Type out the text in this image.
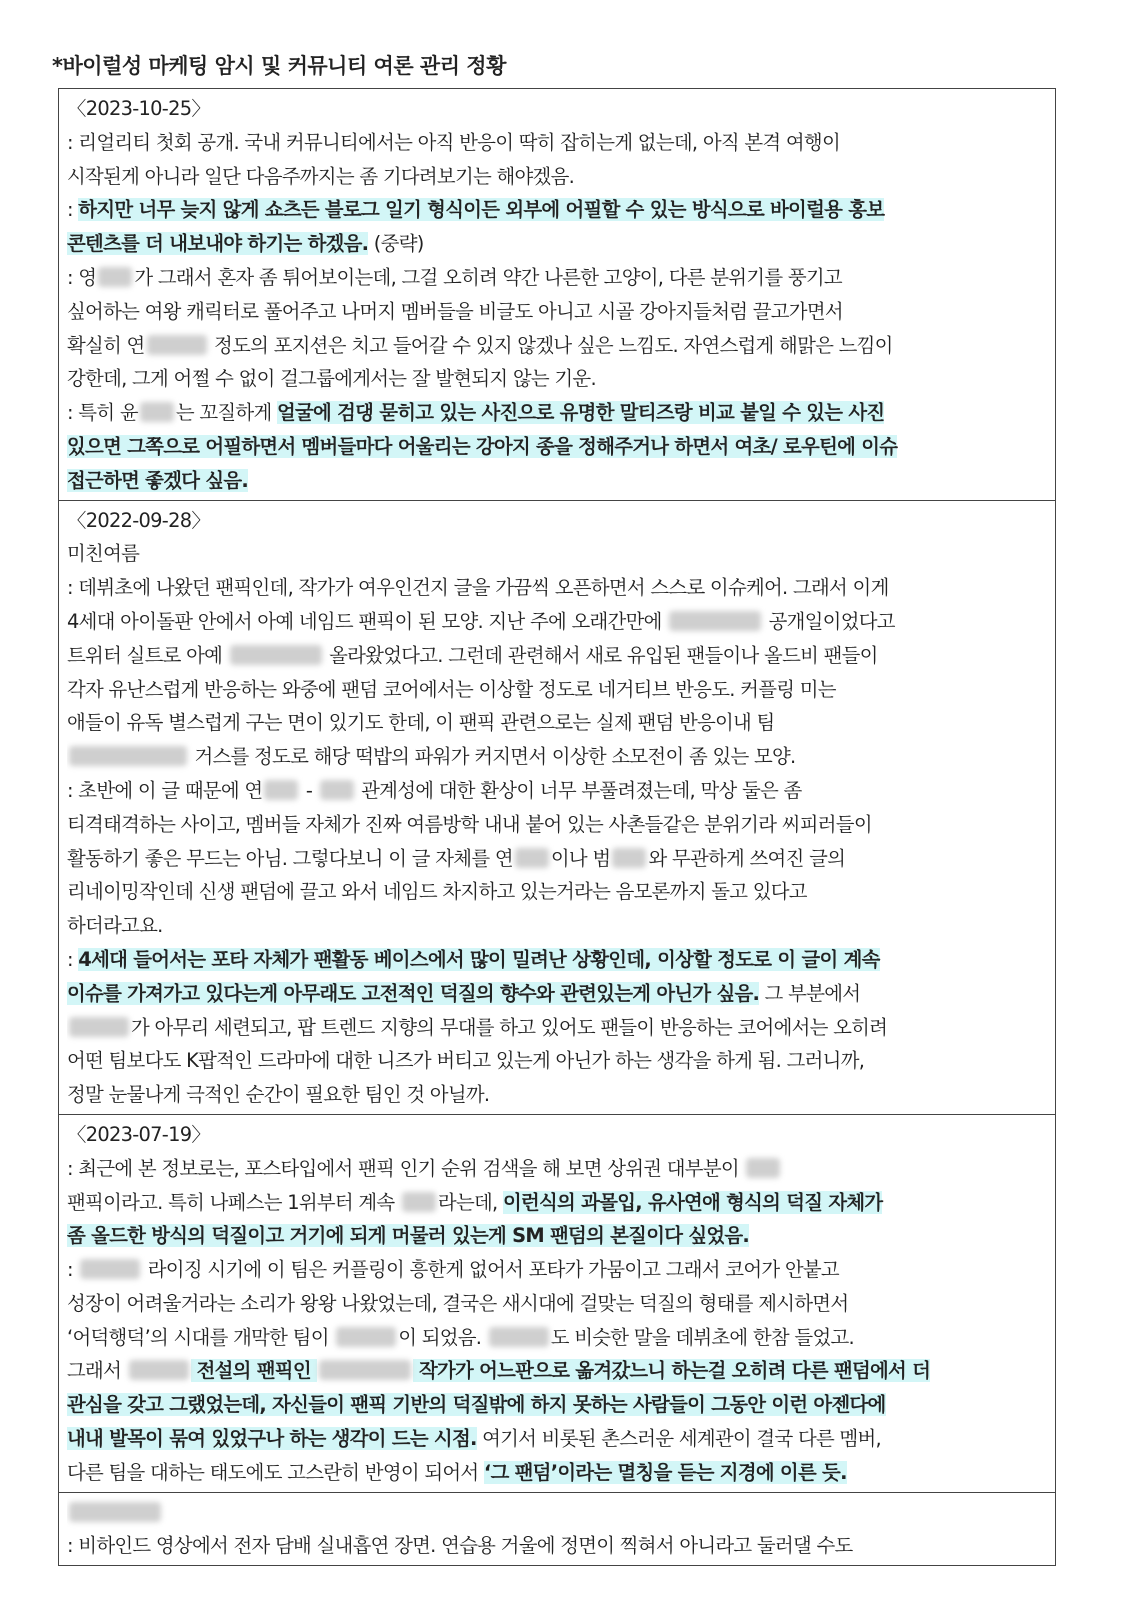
*바이럴성 마케팅 암시 및 커뮤니티 여론 관리 정황
〈2023-10-25〉
: 리얼리티 첫회 공개. 국내 커뮤니티에서는 아직 반응이 딱히 잡히는게 없는데, 아직 본격 여행이
시작된게 아니라 일단 다음주까지는 좀 기다려보기는 해야겠음.
: 하지만 너무 늦지 않게 쇼츠든 블로그 일기 형식이든 외부에 어필할 수 있는 방식으로 바이럴용 홍보
콘텐츠를 더 내보내야 하기는 하겠음. (중략)
: 영 가 그래서 혼자 좀 튀어보이는데, 그걸 오히려 약간 나른한 고양이, 다른 분위기를 풍기고
싶어하는 여왕 캐릭터로 풀어주고 나머지 멤버들을 비글도 아니고 시골 강아지들처럼 끌고가면서
확실히 연	정도의 포지션은 치고 들어갈 수 있지 않겠나 싶은 느낌도. 자연스럽게 해맑은 느낌이
강한데, 그게 어쩔 수 없이 걸그룹에게서는 잘 발현되지 않는 기운.
: 특히 윤 는 꼬질하게 얼굴에 검댕 묻히고 있는 사진으로 유명한 말티즈랑 비교 붙일 수 있는 사진
있으면 그쪽으로 어필하면서 멤버들마다 어울리는 강아지 종을 정해주거나 하면서 여초/ 로우틴에 이슈
접근하면 좋겠다 싶음.
〈2022-09-28〉
미친여름
: 데뷔초에 나왔던 팬픽인데, 작가가 여우인건지 글을 가끔씩 오픈하면서 스스로 이슈케어. 그래서 이게
4세대 아이돌판 안에서 아예 네임드 팬픽이 된 모양. 지난 주에 오래간만에	공개일이었다고
트위터 실트로 아예	올라왔었다고. 그런데 관련해서 새로 유입된 팬들이나 올드비 팬들이
각자 유난스럽게 반응하는 와중에 팬덤 코어에서는 이상할 정도로 네거티브 반응도. 커플링 미는
애들이 유독 별스럽게 구는 면이 있기도 한데, 이 팬픽 관련으로는 실제 팬덤 반응이내 팀
거스를 정도로 해당 떡밥의 파워가 커지면서 이상한 소모전이 좀 있는 모양.
: 초반에 이 글 때문에 연 -  관계성에 대한 환상이 너무 부풀려졌는데, 막상 둘은 좀
티격태격하는 사이고, 멤버들 자체가 진짜 여름방학 내내 붙어 있는 사촌들같은 분위기라 씨피러들이
활동하기 좋은 무드는 아님. 그렇다보니 이 글 자체를 연 이나 범 와 무관하게 쓰여진 글의
리네이밍작인데 신생 팬덤에 끌고 와서 네임드 차지하고 있는거라는 음모론까지 돌고 있다고
하더라고요.
: 4세대 들어서는 포타 자체가 팬활동 베이스에서 많이 밀려난 상황인데, 이상할 정도로 이 글이 계속
이슈를 가져가고 있다는게 아무래도 고전적인 덕질의 향수와 관련있는게 아닌가 싶음. 그 부분에서
가 아무리 세련되고, 팝 트렌드 지향의 무대를 하고 있어도 팬들이 반응하는 코어에서는 오히려
어떤 팀보다도 K팝적인 드라마에 대한 니즈가 버티고 있는게 아닌가 하는 생각을 하게 됨. 그러니까,
정말 눈물나게 극적인 순간이 필요한 팀인 것 아닐까.
〈2023-07-19〉
: 최근에 본 정보로는, 포스타입에서 팬픽 인기 순위 검색을 해 보면 상위권 대부분이
팬픽이라고. 특히 나페스는 1위부터 계속 라는데, 이런식의 과몰입, 유사연애 형식의 덕질 자체가
좀 올드한 방식의 덕질이고 거기에 되게 머물러 있는게 SM 팬덤의 본질이다 싶었음.
:	라이징 시기에 이 팀은 커플링이 흥한게 없어서 포타가 가뭄이고 그래서 코어가 안붙고
성장이 어려울거라는 소리가 왕왕 나왔었는데, 결국은 새시대에 걸맞는 덕질의 형태를 제시하면서
‘어덕행덕’의 시대를 개막한 팀이	이 되었음.	도 비슷한 말을 데뷔초에 한참 들었고.
그래서	전설의 팬픽인	작가가 어느판으로 옮겨갔느니 하는걸 오히려 다른 팬덤에서 더
관심을 갖고 그랬었는데, 자신들이 팬픽 기반의 덕질밖에 하지 못하는 사람들이 그동안 이런 아젠다에
내내 발목이 묶여 있었구나 하는 생각이 드는 시점. 여기서 비롯된 촌스러운 세계관이 결국 다른 멤버,
다른 팀을 대하는 태도에도 고스란히 반영이 되어서 ‘그 팬덤’이라는 멸칭을 듣는 지경에 이른 듯.
: 비하인드 영상에서 전자 담배 실내흡연 장면. 연습용 거울에 정면이 찍혀서 아니라고 둘러댈 수도
